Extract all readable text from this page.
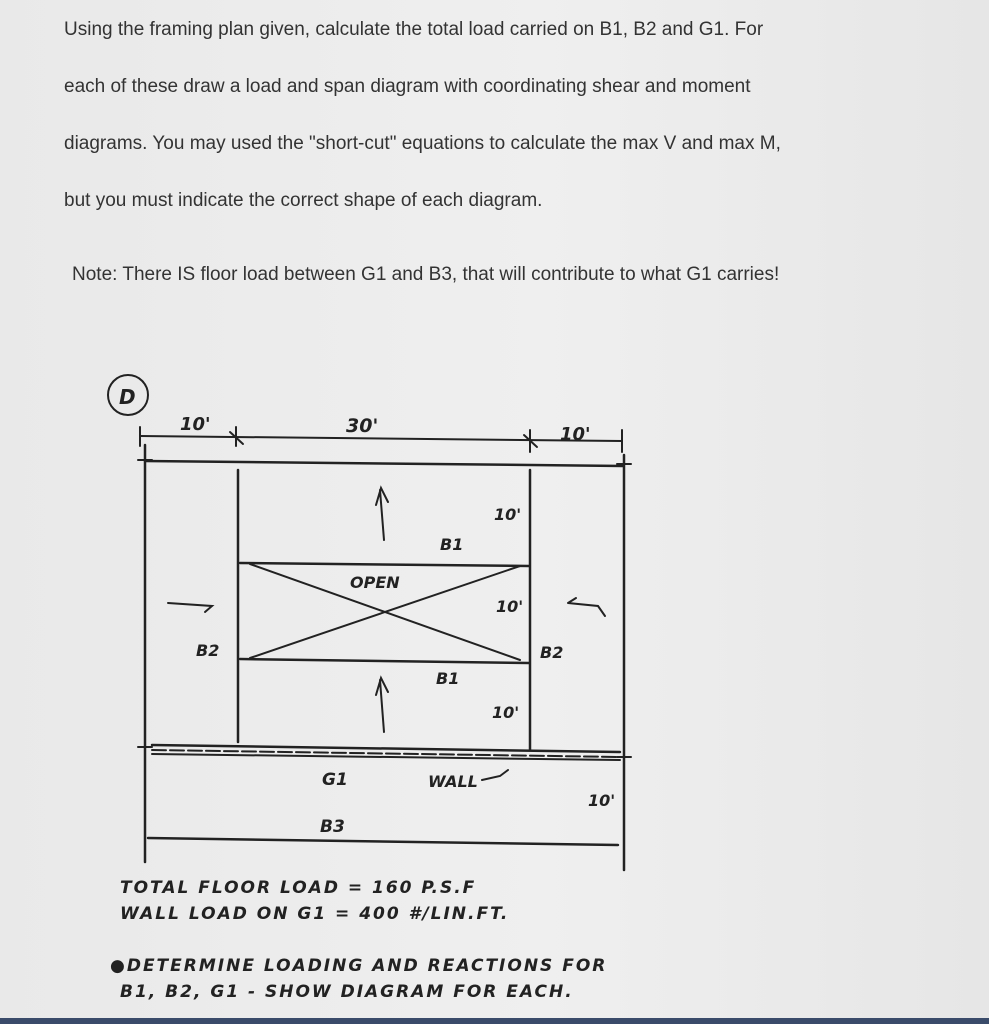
Using the framing plan given, calculate the total load carried on B1, B2 and G1. For

each of these draw a load and span diagram with coordinating shear and moment

diagrams. You may used the "short-cut" equations to calculate the max V and max M,

but you must indicate the correct shape of each diagram.

Note: There IS floor load between G1 and B3, that will contribute to what G1 carries!
D
10'	30'	10'
10'
B1
OPEN
10'
B2	B2
B1
10'
G1	WALL
10'
B3
TOTAL FLOOR LOAD = 160 P.S.F
WALL LOAD ON G1 = 400 #/LIN.FT.
●DETERMINE LOADING AND REACTIONS FOR
B1, B2, G1 - SHOW DIAGRAM FOR EACH.
